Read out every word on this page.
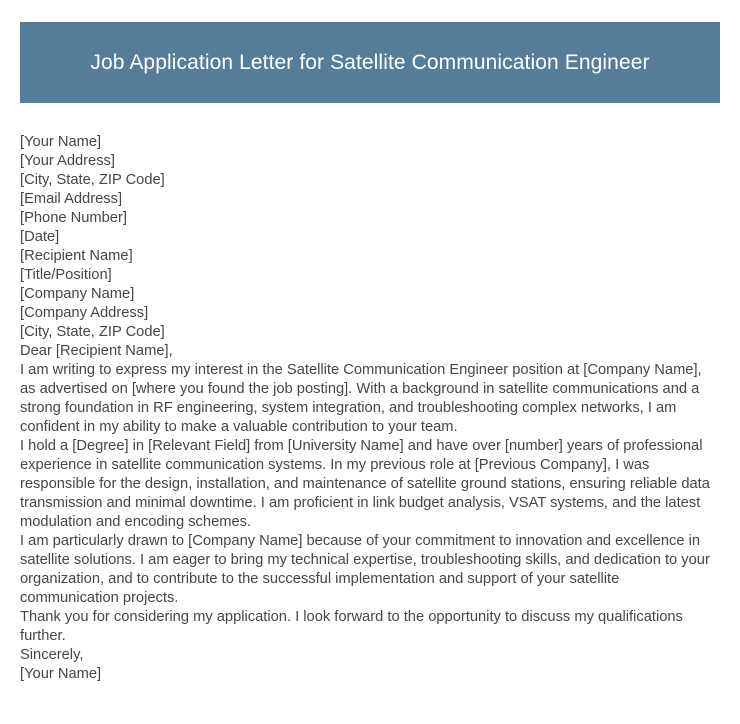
Job Application Letter for Satellite Communication Engineer

[Your Name]

[Your Address]

[City, State, ZIP Code]

[Email Address]

[Phone Number]

[Date]

[Recipient Name]

[Title/Position]

[Company Name]

[Company Address]

[City, State, ZIP Code]

Dear [Recipient Name],

I am writing to express my interest in the Satellite Communication Engineer position at [Company Name], as advertised on [where you found the job posting]. With a background in satellite communications and a strong foundation in RF engineering, system integration, and troubleshooting complex networks, I am confident in my ability to make a valuable contribution to your team.

I hold a [Degree] in [Relevant Field] from [University Name] and have over [number] years of professional experience in satellite communication systems. In my previous role at [Previous Company], I was responsible for the design, installation, and maintenance of satellite ground stations, ensuring reliable data transmission and minimal downtime. I am proficient in link budget analysis, VSAT systems, and the latest modulation and encoding schemes.

I am particularly drawn to [Company Name] because of your commitment to innovation and excellence in satellite solutions. I am eager to bring my technical expertise, troubleshooting skills, and dedication to your organization, and to contribute to the successful implementation and support of your satellite communication projects.

Thank you for considering my application. I look forward to the opportunity to discuss my qualifications further.

Sincerely,

[Your Name]
